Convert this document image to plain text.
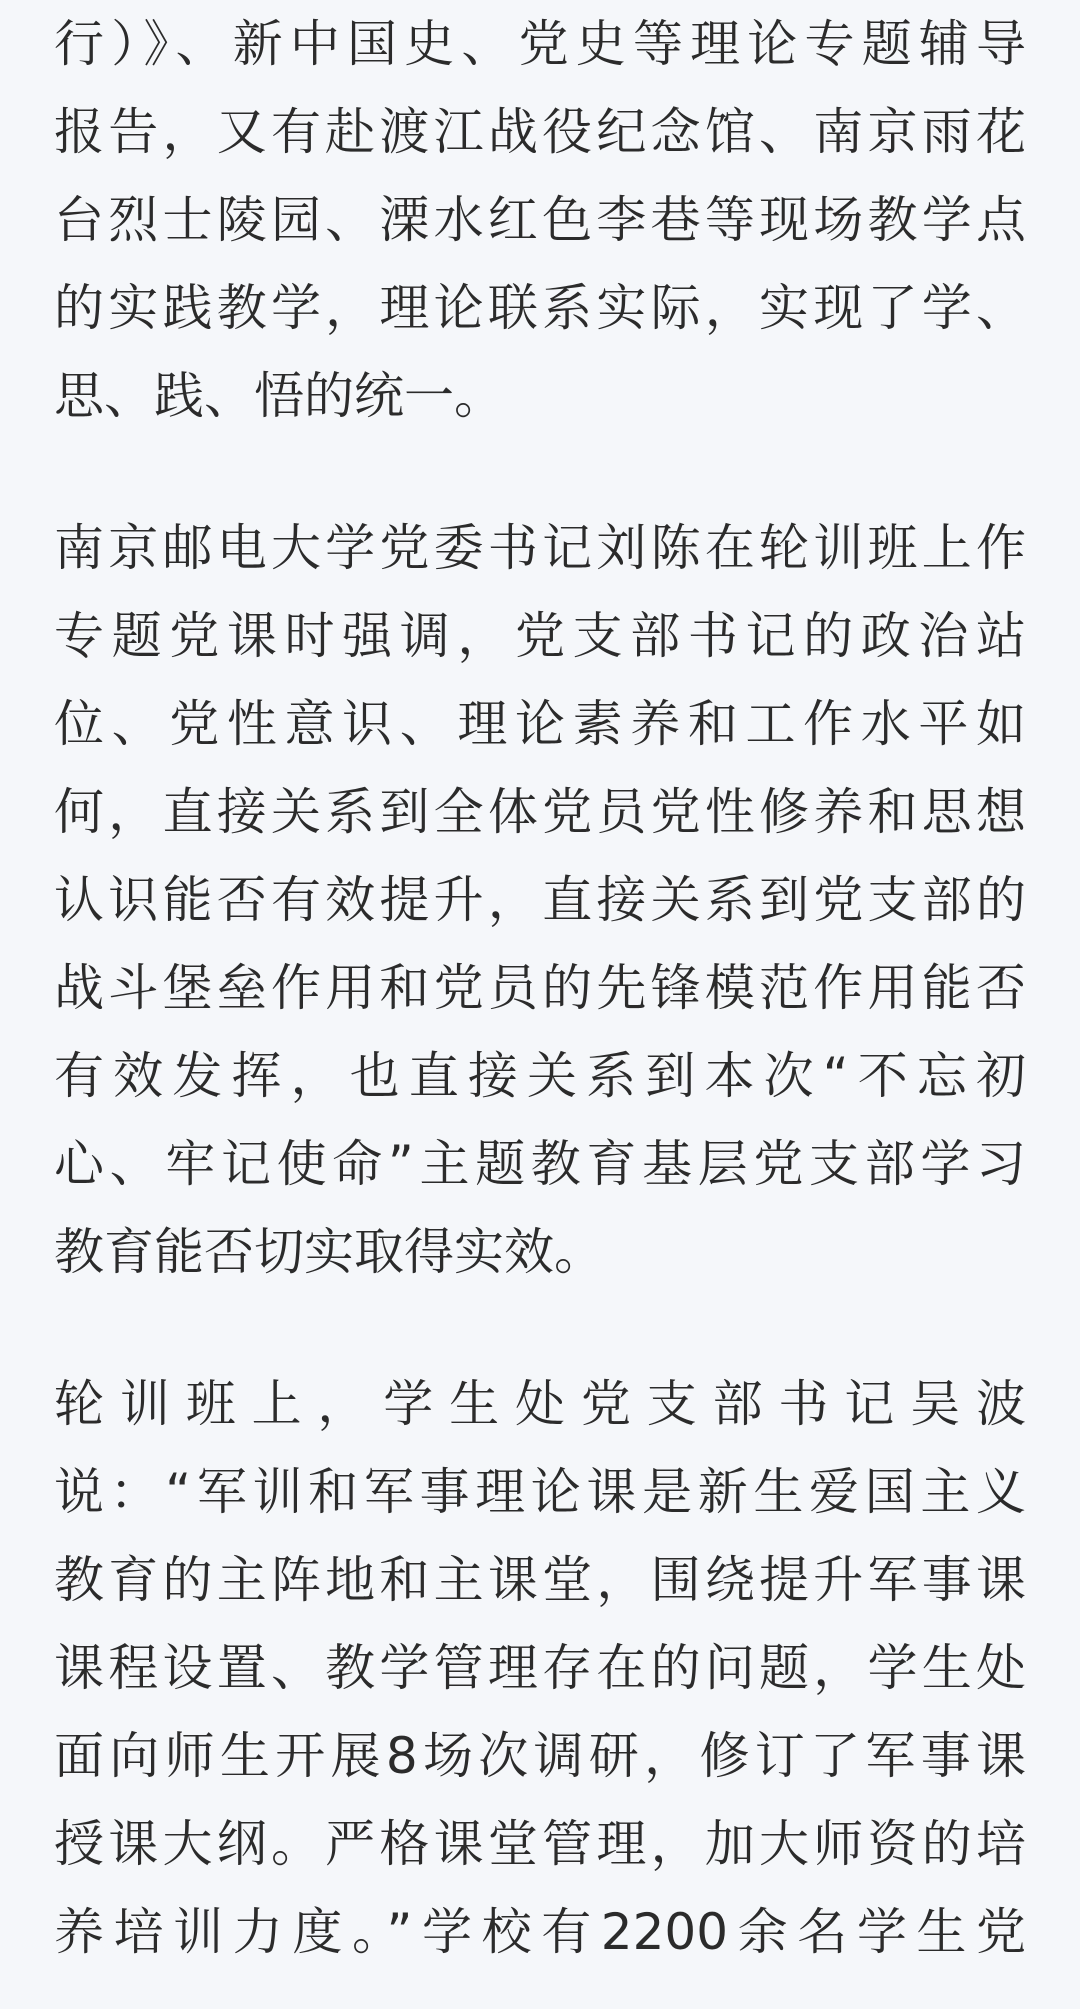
行）》、新中国史、党史等理论专题辅导
报告，又有赴渡江战役纪念馆、南京雨花
台烈士陵园、溧水红色李巷等现场教学点
的实践教学，理论联系实际，实现了学、
思、践、悟的统一。

南京邮电大学党委书记刘陈在轮训班上作
专题党课时强调，党支部书记的政治站
位、党性意识、理论素养和工作水平如
何，直接关系到全体党员党性修养和思想
认识能否有效提升，直接关系到党支部的
战斗堡垒作用和党员的先锋模范作用能否
有效发挥，也直接关系到本次“不忘初
心、牢记使命”主题教育基层党支部学习
教育能否切实取得实效。

轮训班上，学生处党支部书记吴波
说：“军训和军事理论课是新生爱国主义
教育的主阵地和主课堂，围绕提升军事课
课程设置、教学管理存在的问题，学生处
面向师生开展8场次调研，修订了军事课
授课大纲。严格课堂管理，加大师资的培
养培训力度。”学校有2200余名学生党
